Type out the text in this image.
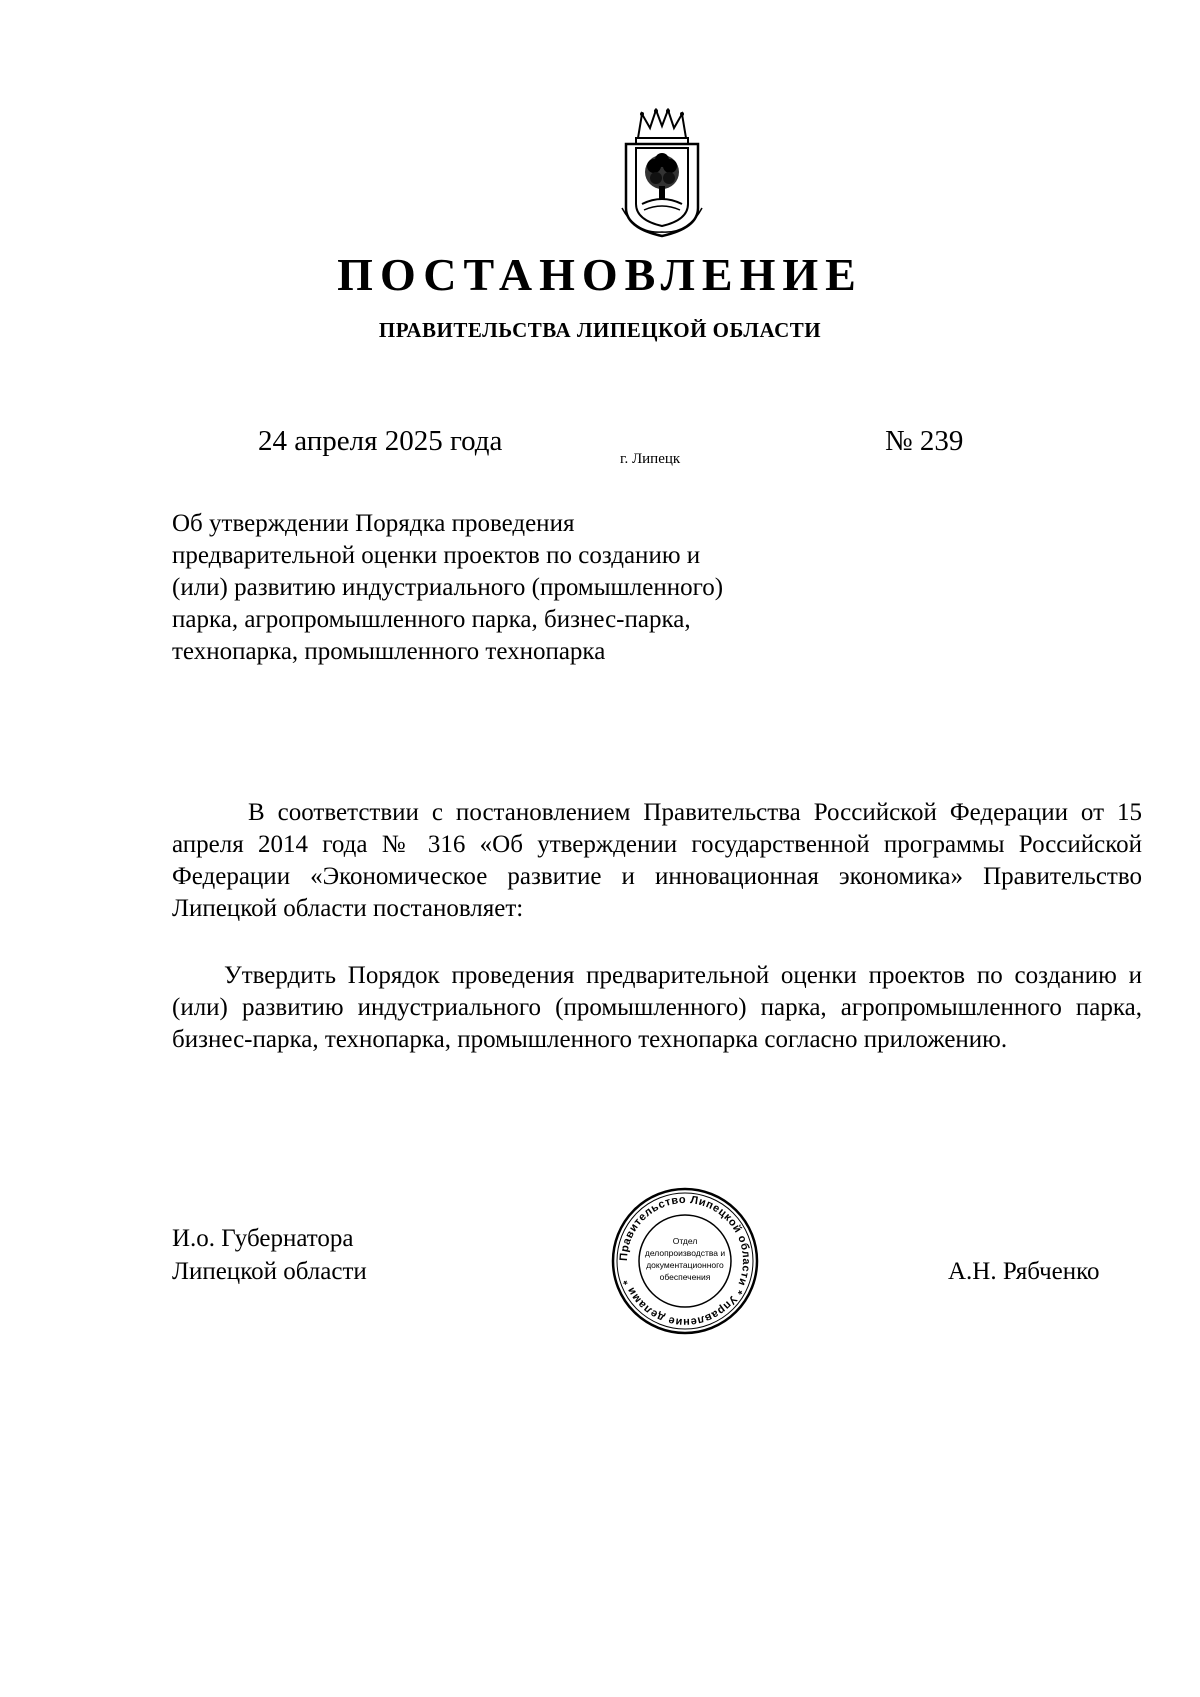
ПОСТАНОВЛЕНИЕ
ПРАВИТЕЛЬСТВА ЛИПЕЦКОЙ ОБЛАСТИ
24 апреля 2025 года
г. Липецк
№ 239
Об утверждении Порядка проведения
предварительной оценки проектов по созданию и
(или) развитию индустриального (промышленного)
парка, агропромышленного парка, бизнес-парка,
технопарка, промышленного технопарка

В соответствии с постановлением Правительства Российской Федерации от 15 апреля 2014 года № 316 «Об утверждении государственной программы Российской Федерации «Экономическое развитие и инновационная экономика» Правительство Липецкой области постановляет:

Утвердить Порядок проведения предварительной оценки проектов по созданию и (или) развитию индустриального (промышленного) парка, агропромышленного парка, бизнес-парка, технопарка, промышленного технопарка согласно приложению.

И.о. Губернатора
Липецкой области	А.Н. Рябченко
Правительство Липецкой области * Управление делами *
Отдел
делопроизводства и
документационного
обеспечения
